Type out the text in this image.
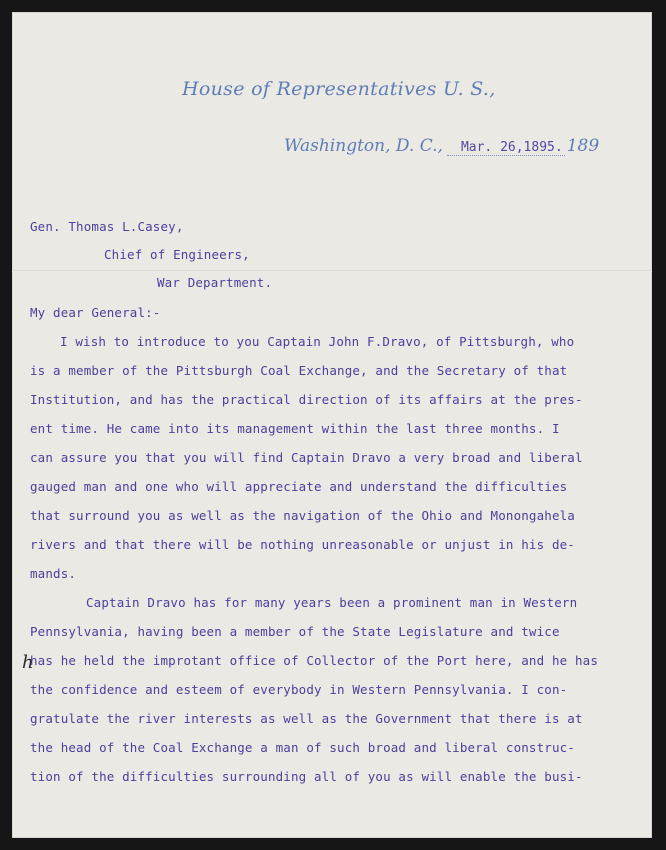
House of Representatives U. S.,
Washington, D. C., Mar. 26,1895. 189
Gen. Thomas L.Casey,
Chief of Engineers,
War Department.
My dear General:-
I wish to introduce to you Captain John F.Dravo, of Pittsburgh, who
is a member of the Pittsburgh Coal Exchange, and the Secretary of that
Institution, and has the practical direction of its affairs at the pres-
ent time. He came into its management within the last three months. I
can assure you that you will find Captain Dravo a very broad and liberal
gauged man and one who will appreciate and understand the difficulties
that surround you as well as the navigation of the Ohio and Monongahela
rivers and that there will be nothing unreasonable or unjust in his de-
mands.
Captain Dravo has for many years been a prominent man in Western
Pennsylvania, having been a member of the State Legislature and twice
has he held the improtant office of Collector of the Port here, and he has
the confidence and esteem of everybody in Western Pennsylvania. I con-
gratulate the river interests as well as the Government that there is at
the head of the Coal Exchange a man of such broad and liberal construc-
tion of the difficulties surrounding all of you as will enable the busi-
h
